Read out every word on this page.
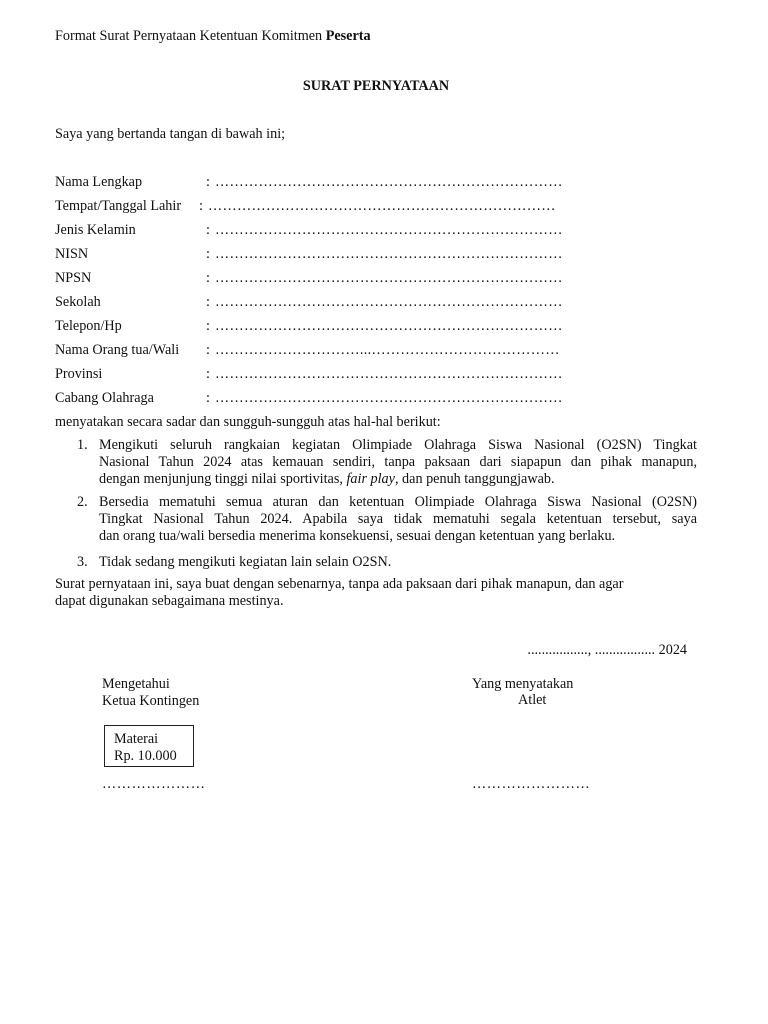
Format Surat Pernyataan Ketentuan Komitmen Peserta
SURAT PERNYATAAN
Saya yang bertanda tangan di bawah ini;
Nama Lengkap	: ………………………………………………………………
Tempat/Tanggal Lahir : ………………………………………………………………
Jenis Kelamin	: ………………………………………………………………
NISN	: ………………………………………………………………
NPSN	: ………………………………………………………………
Sekolah	: ………………………………………………………………
Telepon/Hp	: ………………………………………………………………
Nama Orang tua/Wali : …………………………...…………………………………
Provinsi	: ………………………………………………………………
Cabang Olahraga	: ………………………………………………………………
menyatakan secara sadar dan sungguh-sungguh atas hal-hal berikut:
1. Mengikuti seluruh rangkaian kegiatan Olimpiade Olahraga Siswa Nasional (O2SN) Tingkat
Nasional Tahun 2024 atas kemauan sendiri, tanpa paksaan dari siapapun dan pihak manapun,
dengan menjunjung tinggi nilai sportivitas, fair play, dan penuh tanggungjawab.
2. Bersedia mematuhi semua aturan dan ketentuan Olimpiade Olahraga Siswa Nasional (O2SN)
Tingkat Nasional Tahun 2024. Apabila saya tidak mematuhi segala ketentuan tersebut, saya
dan orang tua/wali bersedia menerima konsekuensi, sesuai dengan ketentuan yang berlaku.
3. Tidak sedang mengikuti kegiatan lain selain O2SN.
Surat pernyataan ini, saya buat dengan sebenarnya, tanpa ada paksaan dari pihak manapun, dan agar
dapat digunakan sebagaimana mestinya.
................., ................. 2024
Mengetahui
Ketua Kontingen
Yang menyatakan
Atlet
Materai
Rp. 10.000
…………………	……………………
